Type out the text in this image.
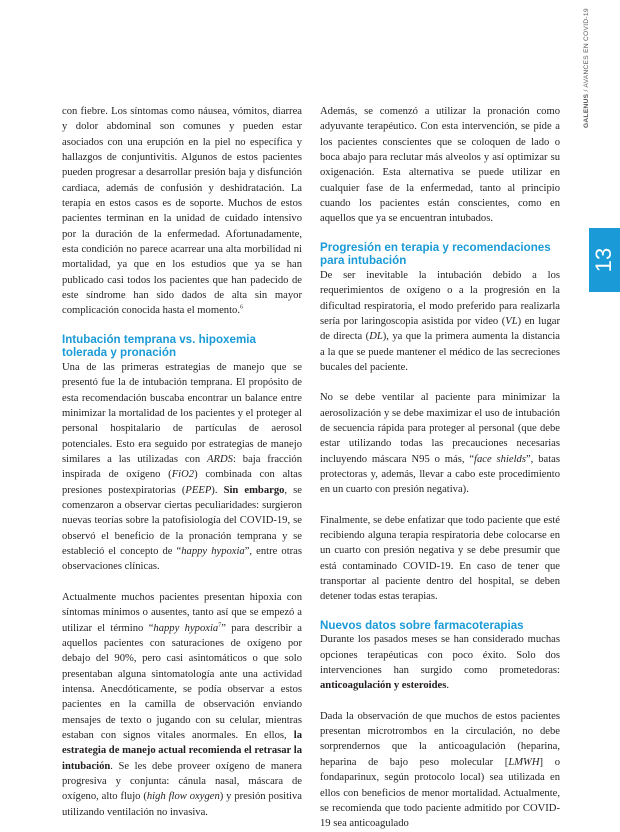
con fiebre. Los síntomas como náusea, vómitos, diarrea y dolor abdominal son comunes y pueden estar asociados con una erupción en la piel no específica y hallazgos de conjuntivitis. Algunos de estos pacientes pueden progresar a desarrollar presión baja y disfunción cardiaca, además de confusión y deshidratación. La terapia en estos casos es de soporte. Muchos de estos pacientes terminan en la unidad de cuidado intensivo por la duración de la enfermedad. Afortunadamente, esta condición no parece acarrear una alta morbilidad ni mortalidad, ya que en los estudios que ya se han publicado casi todos los pacientes que han padecido de este síndrome han sido dados de alta sin mayor complicación conocida hasta el momento.$^6$

Intubación temprana vs. hipoxemia tolerada y pronación

Una de las primeras estrategias de manejo que se presentó fue la de intubación temprana. El propósito de esta recomendación buscaba encontrar un balance entre minimizar la mortalidad de los pacientes y el proteger al personal hospitalario de partículas de aerosol potenciales. Esto era seguido por estrategias de manejo similares a las utilizadas con ARDS: baja fracción inspirada de oxígeno (FiO2) combinada con altas presiones postexpiratorias (PEEP). Sin embargo, se comenzaron a observar ciertas peculiaridades: surgieron nuevas teorías sobre la patofisiología del COVID-19, se observó el beneficio de la pronación temprana y se estableció el concepto de “happy hypoxia”, entre otras observaciones clínicas.

Actualmente muchos pacientes presentan hipoxia con síntomas mínimos o ausentes, tanto así que se empezó a utilizar el término “happy hypoxia$^7$” para describir a aquellos pacientes con saturaciones de oxígeno por debajo del 90%, pero casi asintomáticos o que solo presentaban alguna sintomatología ante una actividad intensa. Anecdóticamente, se podía observar a estos pacientes en la camilla de observación enviando mensajes de texto o jugando con su celular, mientras estaban con signos vitales anormales. En ellos, la estrategia de manejo actual recomienda el retrasar la intubación. Se les debe proveer oxígeno de manera progresiva y conjunta: cánula nasal, máscara de oxígeno, alto flujo (high flow oxygen) y presión positiva utilizando ventilación no invasiva.

Además, se comenzó a utilizar la pronación como adyuvante terapéutico. Con esta intervención, se pide a los pacientes conscientes que se coloquen de lado o boca abajo para reclutar más alveolos y así optimizar su oxigenación. Esta alternativa se puede utilizar en cualquier fase de la enfermedad, tanto al principio cuando los pacientes están conscientes, como en aquellos que ya se encuentran intubados.

Progresión en terapia y recomendaciones para intubación

De ser inevitable la intubación debido a los requerimientos de oxígeno o a la progresión en la dificultad respiratoria, el modo preferido para realizarla sería por laringoscopia asistida por video (VL) en lugar de directa (DL), ya que la primera aumenta la distancia a la que se puede mantener el médico de las secreciones bucales del paciente.

No se debe ventilar al paciente para minimizar la aerosolización y se debe maximizar el uso de intubación de secuencia rápida para proteger al personal (que debe estar utilizando todas las precauciones necesarias incluyendo máscara N95 o más, “face shields”, batas protectoras y, además, llevar a cabo este procedimiento en un cuarto con presión negativa).

Finalmente, se debe enfatizar que todo paciente que esté recibiendo alguna terapia respiratoria debe colocarse en un cuarto con presión negativa y se debe presumir que está contaminado COVID-19. En caso de tener que transportar al paciente dentro del hospital, se deben detener todas estas terapias.

Nuevos datos sobre farmacoterapias

Durante los pasados meses se han considerado muchas opciones terapéuticas con poco éxito. Solo dos intervenciones han surgido como prometedoras: anticoagulación y esteroides.

Dada la observación de que muchos de estos pacientes presentan microtrombos en la circulación, no debe sorprendernos que la anticoagulación (heparina, heparina de bajo peso molecular [LMWH] o fondaparinux, según protocolo local) sea utilizada en ellos con beneficios de menor mortalidad. Actualmente, se recomienda que todo paciente admitido por COVID-19 sea anticoagulado

GALENUS / AVANCES EN COVID-19
13
